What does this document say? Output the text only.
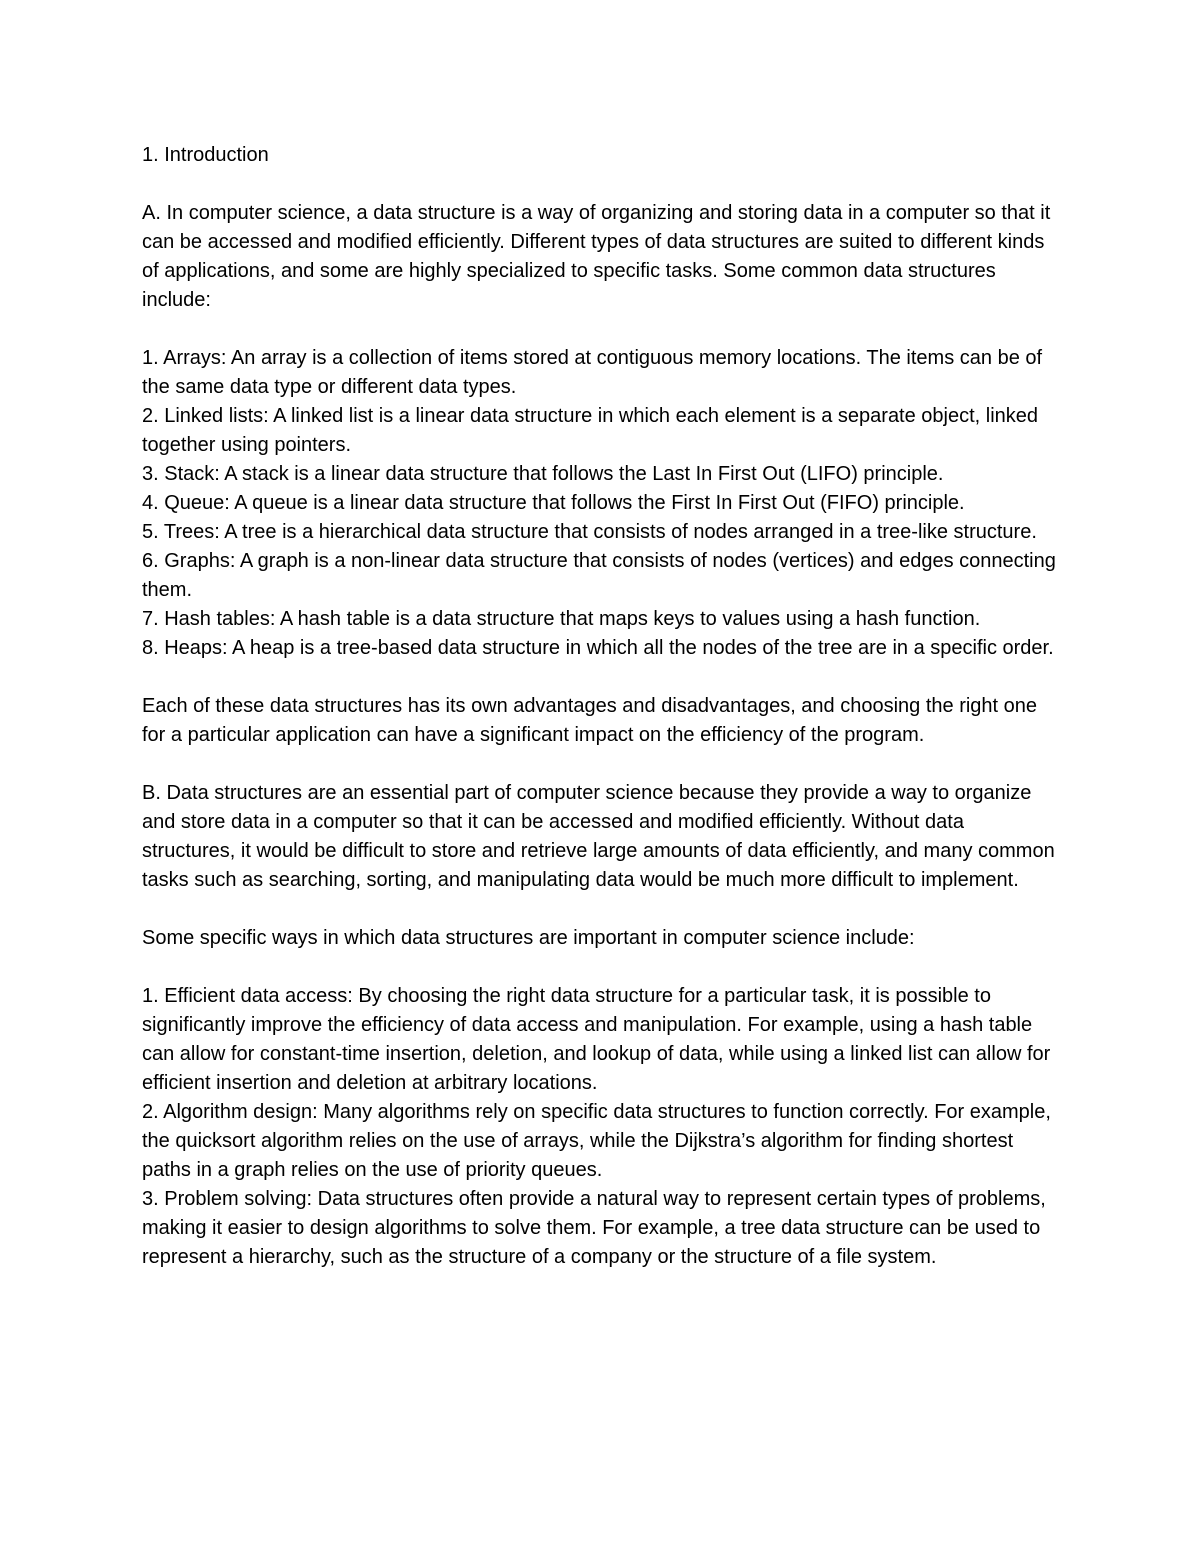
1. Introduction

A. In computer science, a data structure is a way of organizing and storing data in a computer so that it can be accessed and modified efficiently. Different types of data structures are suited to different kinds of applications, and some are highly specialized to specific tasks. Some common data structures include:

1. Arrays: An array is a collection of items stored at contiguous memory locations. The items can be of the same data type or different data types.

2. Linked lists: A linked list is a linear data structure in which each element is a separate object, linked together using pointers.

3. Stack: A stack is a linear data structure that follows the Last In First Out (LIFO) principle.

4. Queue: A queue is a linear data structure that follows the First In First Out (FIFO) principle.

5. Trees: A tree is a hierarchical data structure that consists of nodes arranged in a tree-like structure.

6. Graphs: A graph is a non-linear data structure that consists of nodes (vertices) and edges connecting them.

7. Hash tables: A hash table is a data structure that maps keys to values using a hash function.

8. Heaps: A heap is a tree-based data structure in which all the nodes of the tree are in a specific order.

Each of these data structures has its own advantages and disadvantages, and choosing the right one for a particular application can have a significant impact on the efficiency of the program.

B. Data structures are an essential part of computer science because they provide a way to organize and store data in a computer so that it can be accessed and modified efficiently. Without data structures, it would be difficult to store and retrieve large amounts of data efficiently, and many common tasks such as searching, sorting, and manipulating data would be much more difficult to implement.

Some specific ways in which data structures are important in computer science include:

1. Efficient data access: By choosing the right data structure for a particular task, it is possible to significantly improve the efficiency of data access and manipulation. For example, using a hash table can allow for constant-time insertion, deletion, and lookup of data, while using a linked list can allow for efficient insertion and deletion at arbitrary locations.

2. Algorithm design: Many algorithms rely on specific data structures to function correctly. For example, the quicksort algorithm relies on the use of arrays, while the Dijkstra’s algorithm for finding shortest paths in a graph relies on the use of priority queues.

3. Problem solving: Data structures often provide a natural way to represent certain types of problems, making it easier to design algorithms to solve them. For example, a tree data structure can be used to represent a hierarchy, such as the structure of a company or the structure of a file system.
